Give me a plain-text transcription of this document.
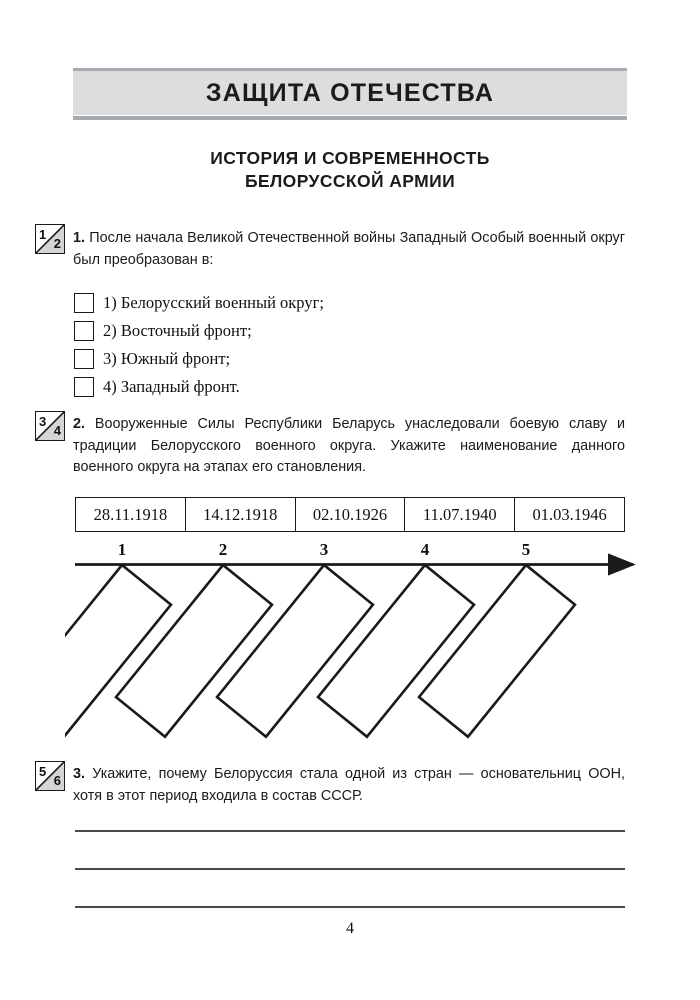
ЗАЩИТА ОТЕЧЕСТВА
ИСТОРИЯ И СОВРЕМЕННОСТЬ
БЕЛОРУССКОЙ АРМИИ
1
2 1. После начала Великой Отечественной войны Западный Особый военный округ был преобразован в:
1) Белорусский военный округ;
2) Восточный фронт;
3) Южный фронт;
4) Западный фронт.
3
4 2. Вооруженные Силы Республики Беларусь унаследовали боевую славу и традиции Белорусского военного округа. Укажите наименование данного военного округа на этапах его становления.
28.11.1918	14.12.1918	02.10.1926	11.07.1940	01.03.1946
1	2	3	4	5
5
6 3. Укажите, почему Белоруссия стала одной из стран — основательниц ООН, хотя в этот период входила в состав СССР.
4
